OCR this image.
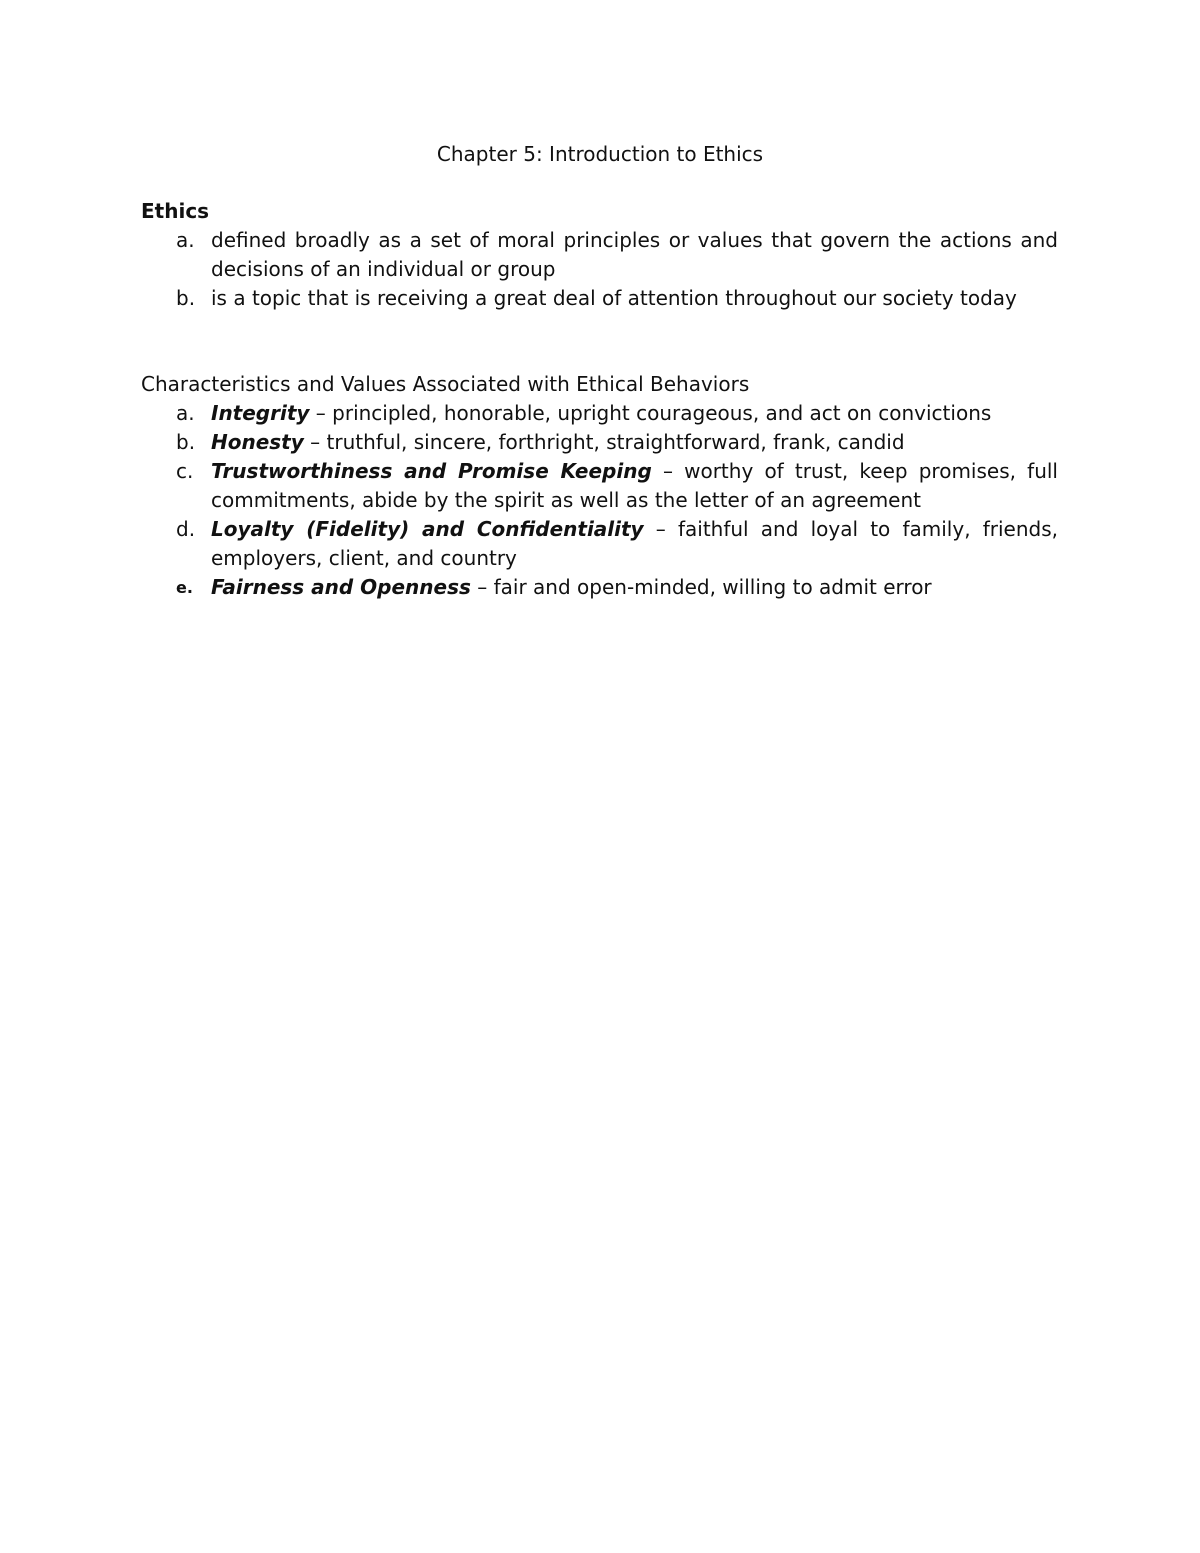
Chapter 5: Introduction to Ethics

Ethics

a. defined broadly as a set of moral principles or values that govern the actions and decisions of an individual or group
b. is a topic that is receiving a great deal of attention throughout our society today

Characteristics and Values Associated with Ethical Behaviors

a. Integrity – principled, honorable, upright courageous, and act on convictions
b. Honesty – truthful, sincere, forthright, straightforward, frank, candid
c. Trustworthiness and Promise Keeping – worthy of trust, keep promises, full commitments, abide by the spirit as well as the letter of an agreement
d. Loyalty (Fidelity) and Confidentiality – faithful and loyal to family, friends, employers, client, and country
e. Fairness and Openness – fair and open-minded, willing to admit error
